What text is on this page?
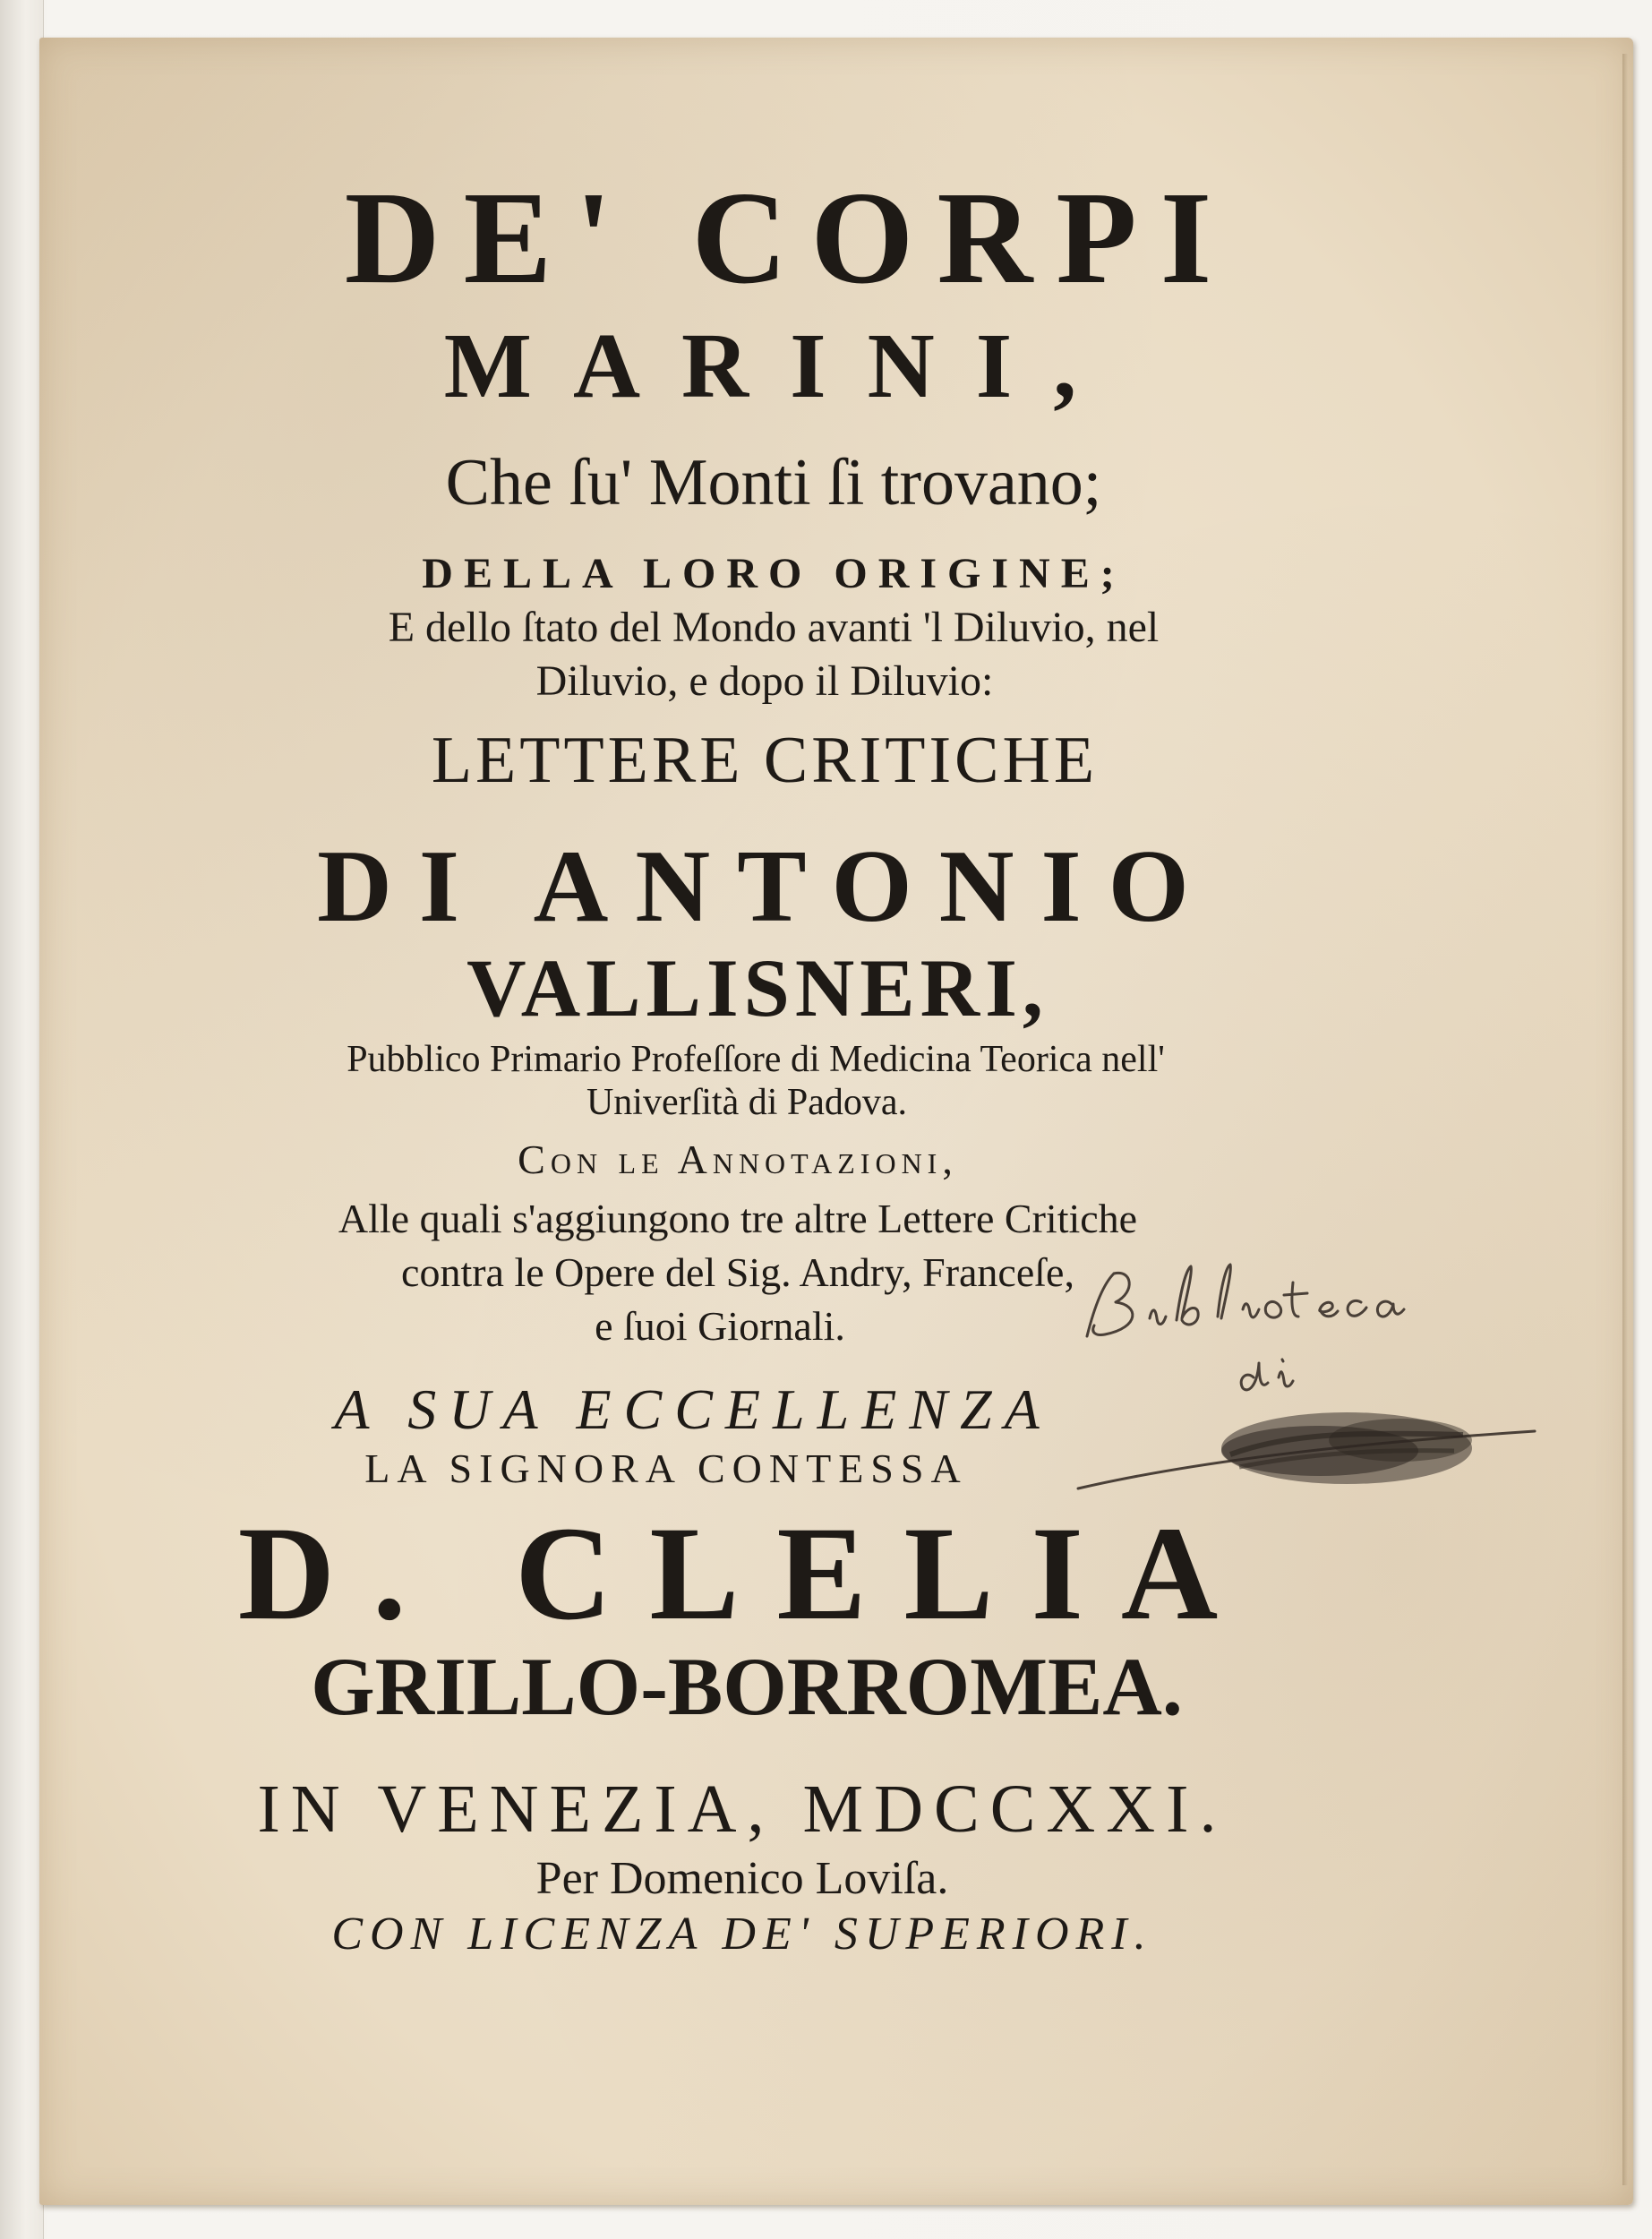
DE' CORPI
MARINI,
Che ſu' Monti ſi trovano;
DELLA LORO ORIGINE;
E dello ſtato del Mondo avanti 'l Diluvio, nel
Diluvio, e dopo il Diluvio:
LETTERE CRITICHE
DI ANTONIO
VALLISNERI,
Pubblico Primario Profeſſore di Medicina Teorica nell'
Univerſità di Padova.
Con le Annotazioni,
Alle quali s'aggiungono tre altre Lettere Critiche
contra le Opere del Sig. Andry, Franceſe,
e ſuoi Giornali.
A SUA ECCELLENZA
LA SIGNORA CONTESSA
D. CLELIA
GRILLO-BORROMEA.
IN VENEZIA, MDCCXXI.
Per Domenico Loviſa.
CON LICENZA DE' SUPERIORI.
